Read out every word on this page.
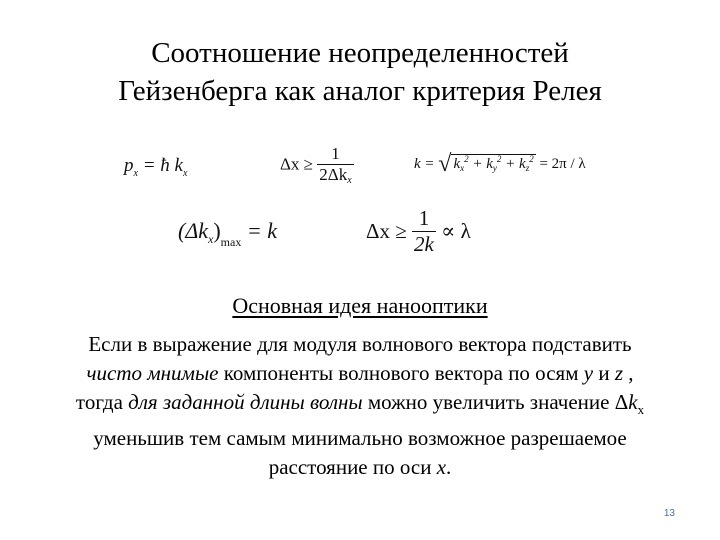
Соотношение неопределенностей
Гейзенберга как аналог критерия Релея
$p_x$ = ħ $k_x$	$\Delta x \ge \frac{1}{\text{2Δkx}}$	k = √ $k_x^2 + k_y^2 + k_z^2 = 2\pi / \lambda$
$(\Delta k_x)_{max} = k$	$\Delta x \ge \frac{1}{2k} \propto \lambda$
Основная идея нанооптики
Если в выражение для модуля волнового вектора подставить
чисто мнимые компоненты волнового вектора по осям y и z ,
тогда для заданной длины волны можно увеличить значение $\Delta k_x$
уменьшив тем самым минимально возможное разрешаемое
расстояние по оси x.
13
